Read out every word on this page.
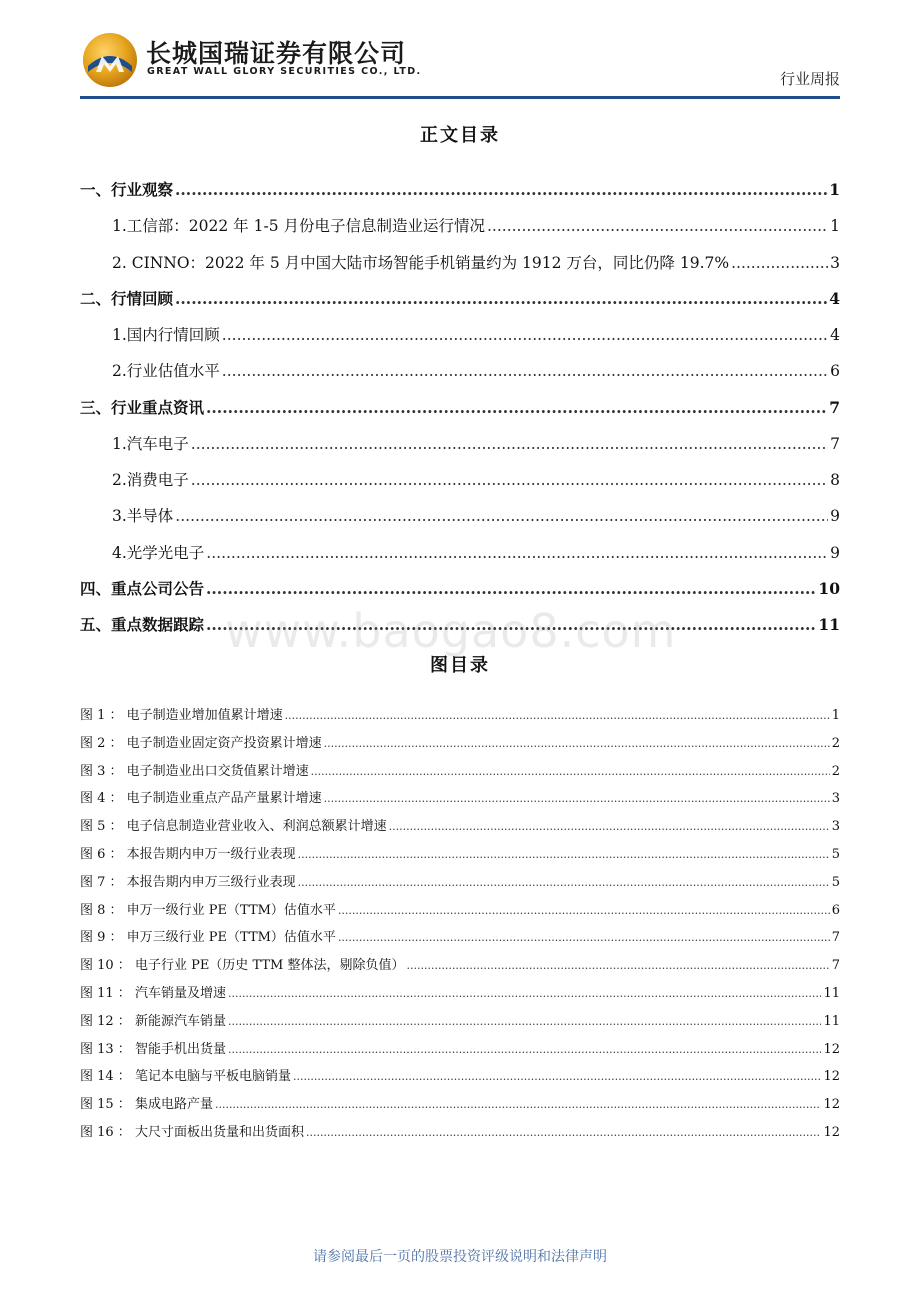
长城国瑞证券有限公司
GREAT WALL GLORY SECURITIES CO., LTD.	行业周报
正文目录
一、行业观察 .....	1
1.工信部：2022 年 1-5 月份电子信息制造业运行情况 .....	1
2. CINNO：2022 年 5 月中国大陆市场智能手机销量约为 1912 万台，同比仍降 19.7% .....	3
二、行情回顾 .....	4
1.国内行情回顾 .....	4
2.行业估值水平 .....	6
三、行业重点资讯 .....	7
1.汽车电子 .....	7
2.消费电子 .....	8
3.半导体 .....	9
4.光学光电子 .....	9
四、重点公司公告 .....	10
五、重点数据跟踪 .....	11
www.baogao8.com
图目录
图 1 ： 电子制造业增加值累计增速 .....	1
图 2 ： 电子制造业固定资产投资累计增速 .....	2
图 3 ： 电子制造业出口交货值累计增速 .....	2
图 4 ： 电子制造业重点产品产量累计增速 .....	3
图 5 ： 电子信息制造业营业收入、利润总额累计增速 .....	3
图 6 ： 本报告期内申万一级行业表现 .....	5
图 7 ： 本报告期内申万三级行业表现 .....	5
图 8 ： 申万一级行业 PE（TTM）估值水平 .....	6
图 9 ： 申万三级行业 PE（TTM）估值水平 .....	7
图 10 ： 电子行业 PE（历史 TTM 整体法，剔除负值） .....	7
图 11 ： 汽车销量及增速 .....	11
图 12 ： 新能源汽车销量 .....	11
图 13 ： 智能手机出货量 .....	12
图 14 ： 笔记本电脑与平板电脑销量 .....	12
图 15 ： 集成电路产量 .....	12
图 16 ： 大尺寸面板出货量和出货面积 .....	12
请参阅最后一页的股票投资评级说明和法律声明
